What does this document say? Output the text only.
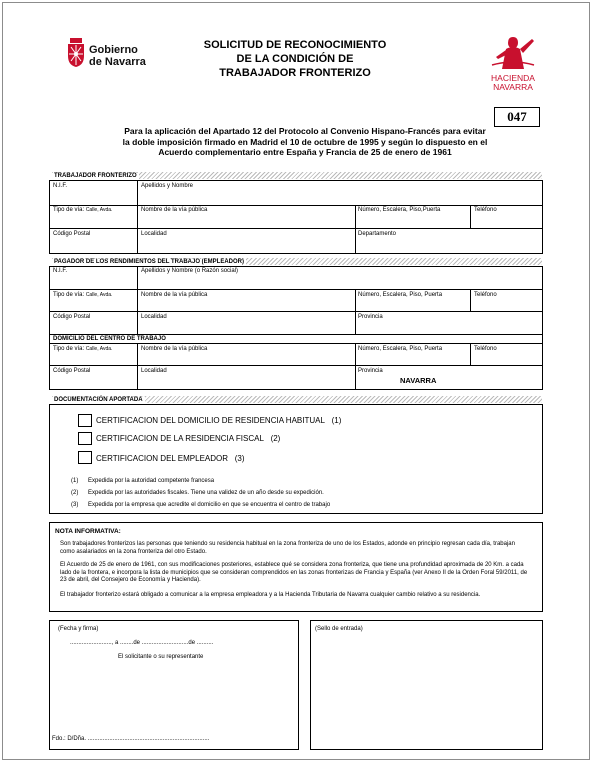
Gobierno
de Navarra
SOLICITUD DE RECONOCIMIENTO
DE LA CONDICIÓN DE
TRABAJADOR FRONTERIZO	HACIENDA
NAVARRA
047
Para la aplicación del Apartado 12 del Protocolo al Convenio Hispano-Francés para evitar
la doble imposición firmado en Madrid el 10 de octubre de 1995 y según lo dispuesto en el
Acuerdo complementario entre España y Francia de 25 de enero de 1961
TRABAJADOR FRONTERIZO
N.I.F.	Apellidos y Nombre
Tipo de vía: Calle, Avda.	Nombre de la vía pública	Número, Escalera, Piso,Puerta	Teléfono
Código Postal	Localidad	Departamento
PAGADOR DE LOS RENDIMIENTOS DEL TRABAJO (EMPLEADOR)
N.I.F.	Apellidos y Nombre (o Razón social)
Tipo de vía: Calle, Avda.	Nombre de la vía pública	Número, Escalera, Piso, Puerta	Teléfono
Código Postal	Localidad	Provincia
DOMICILIO DEL CENTRO DE TRABAJO
Tipo de vía: Calle, Avda.	Nombre de la vía pública	Número, Escalera, Piso, Puerta	Teléfono
Código Postal	Localidad	Provincia
NAVARRA
DOCUMENTACIÓN APORTADA
CERTIFICACION DEL DOMICILIO DE RESIDENCIA HABITUAL (1)
CERTIFICACION DE LA RESIDENCIA FISCAL (2)
CERTIFICACION DEL EMPLEADOR (3)
(1) Expedida por la autoridad competente francesa
(2) Expedida por las autoridades fiscales. Tiene una validez de un año desde su expedición.
(3) Expedida por la empresa que acredite el domicilio en que se encuentra el centro de trabajo
NOTA INFORMATIVA:
Son trabajadores fronterizos las personas que teniendo su residencia habitual en la zona fronteriza de uno de los Estados, adonde en principio regresan cada día, trabajan como asalariados en la zona fronteriza del otro Estado.
El Acuerdo de 25 de enero de 1961, con sus modificaciones posteriores, establece qué se considera zona fronteriza, que tiene una profundidad aproximada de 20 Km. a cada lado de la frontera, e incorpora la lista de municipios que se consideran comprendidos en las zonas fronterizas de Francia y España (ver Anexo II de la Orden Foral 59/2011, de 23 de abril, del Consejero de Economía y Hacienda).
El trabajador fronterizo estará obligado a comunicar a la empresa empleadora y a la Hacienda Tributaria de Navarra cualquier cambio relativo a su residencia.
(Fecha y firma)
........................., a ........de ............................de ..........
El solicitante o su representante
Fdo.: D/Dña. .........................................................................
(Sello de entrada)
